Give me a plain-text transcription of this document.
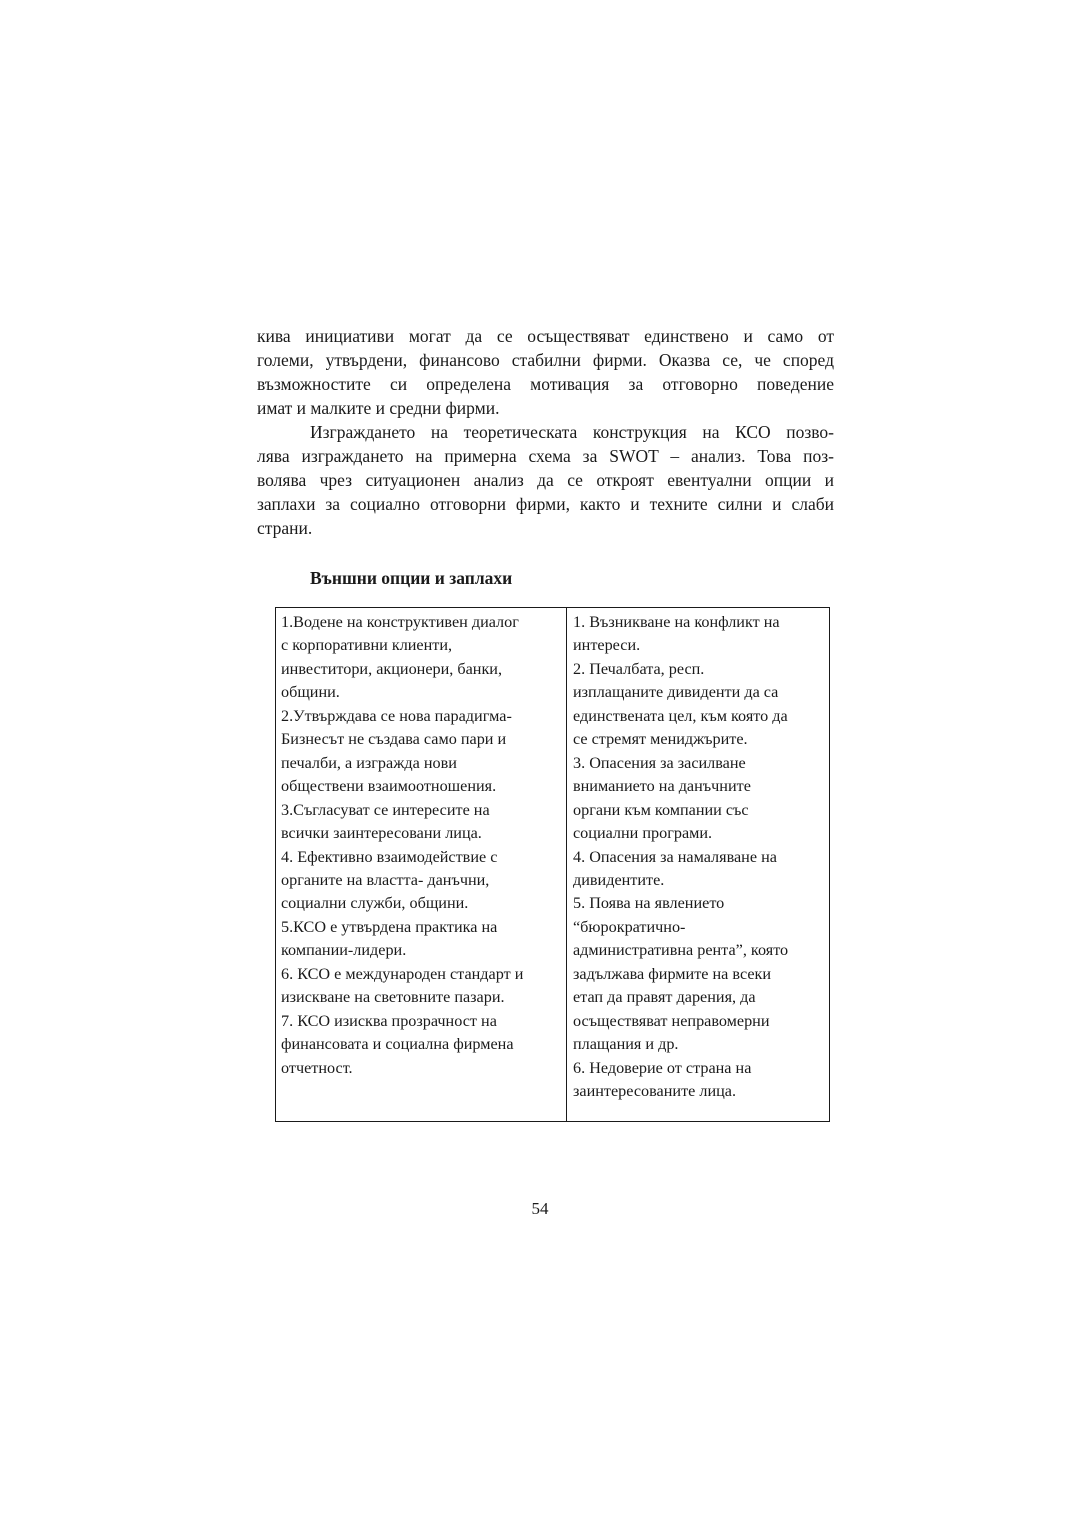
кива инициативи могат да се осъществяват единствено и само от
големи, утвърдени, финансово стабилни фирми. Оказва се, че според
възможностите си определена мотивация за отговорно поведение
имат и малките и средни фирми.
Изграждането на теоретическата конструкция на КСО позво-
лява изграждането на примерна схема за SWOT – анализ. Това поз-
волява чрез ситуационен анализ да се откроят евентуални опции и
заплахи за социално отговорни фирми, както и техните силни и слаби
страни.
Външни опции и заплахи
1.Водене на конструктивен диалог
с корпоративни клиенти,
инвеститори, акционери, банки,
общини.
2.Утвърждава се нова парадигма-
Бизнесът не създава само пари и
печалби, а изгражда нови
обществени взаимоотношения.
3.Съгласуват се интересите на
всички заинтересовани лица.
4. Ефективно взаимодействие с
органите на властта- данъчни,
социални служби, общини.
5.КСО е утвърдена практика на
компании-лидери.
6. КСО е международен стандарт и
изискване на световните пазари.
7. КСО изисква прозрачност на
финансовата и социална фирмена
отчетност.
1. Възникване на конфликт на
интереси.
2. Печалбата, респ.
изплащаните дивиденти да са
единствената цел, към която да
се стремят мениджърите.
3. Опасения за засилване
вниманието на данъчните
органи към компании със
социални програми.
4. Опасения за намаляване на
дивидентите.
5. Поява на явлението
“бюрократично-
административна рента”, която
задължава фирмите на всеки
етап да правят дарения, да
осъществяват неправомерни
плащания и др.
6. Недоверие от страна на
заинтересованите лица.
54
